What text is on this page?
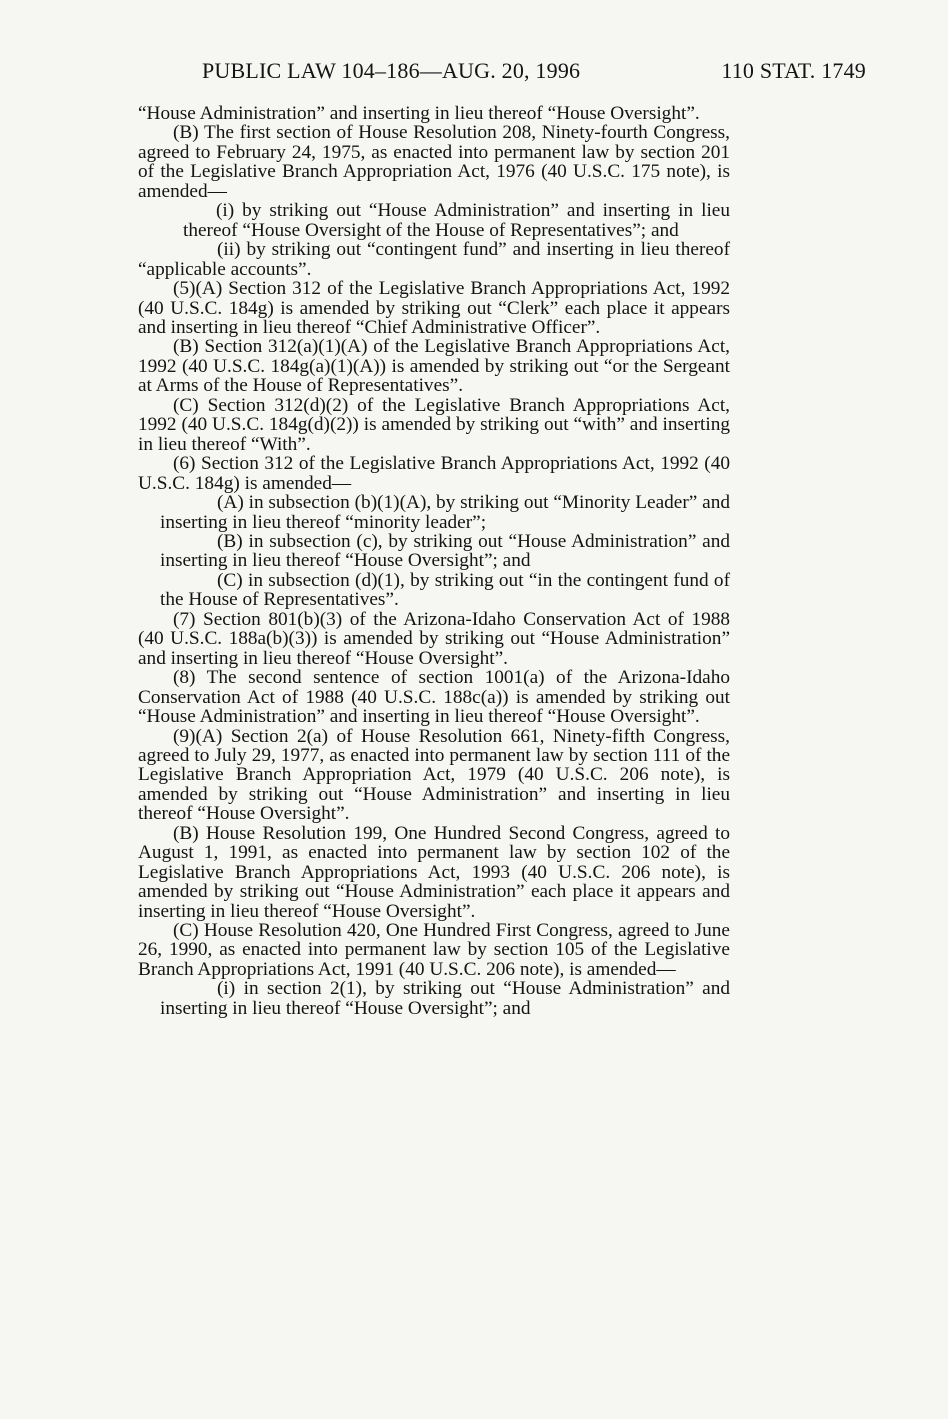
PUBLIC LAW 104–186—AUG. 20, 1996	110 STAT. 1749

“House Administration” and inserting in lieu thereof “House Oversight”.

(B) The first section of House Resolution 208, Ninety-fourth Congress, agreed to February 24, 1975, as enacted into permanent law by section 201 of the Legislative Branch Appropriation Act, 1976 (40 U.S.C. 175 note), is amended—

(i) by striking out “House Administration” and inserting in lieu thereof “House Oversight of the House of Representatives”; and

(ii) by striking out “contingent fund” and inserting in lieu thereof “applicable accounts”.

(5)(A) Section 312 of the Legislative Branch Appropriations Act, 1992 (40 U.S.C. 184g) is amended by striking out “Clerk” each place it appears and inserting in lieu thereof “Chief Administrative Officer”.

(B) Section 312(a)(1)(A) of the Legislative Branch Appropriations Act, 1992 (40 U.S.C. 184g(a)(1)(A)) is amended by striking out “or the Sergeant at Arms of the House of Representatives”.

(C) Section 312(d)(2) of the Legislative Branch Appropriations Act, 1992 (40 U.S.C. 184g(d)(2)) is amended by striking out “with” and inserting in lieu thereof “With”.

(6) Section 312 of the Legislative Branch Appropriations Act, 1992 (40 U.S.C. 184g) is amended—

(A) in subsection (b)(1)(A), by striking out “Minority Leader” and inserting in lieu thereof “minority leader”;

(B) in subsection (c), by striking out “House Administration” and inserting in lieu thereof “House Oversight”; and

(C) in subsection (d)(1), by striking out “in the contingent fund of the House of Representatives”.

(7) Section 801(b)(3) of the Arizona-Idaho Conservation Act of 1988 (40 U.S.C. 188a(b)(3)) is amended by striking out “House Administration” and inserting in lieu thereof “House Oversight”.

(8) The second sentence of section 1001(a) of the Arizona-Idaho Conservation Act of 1988 (40 U.S.C. 188c(a)) is amended by striking out “House Administration” and inserting in lieu thereof “House Oversight”.

(9)(A) Section 2(a) of House Resolution 661, Ninety-fifth Congress, agreed to July 29, 1977, as enacted into permanent law by section 111 of the Legislative Branch Appropriation Act, 1979 (40 U.S.C. 206 note), is amended by striking out “House Administration” and inserting in lieu thereof “House Oversight”.

(B) House Resolution 199, One Hundred Second Congress, agreed to August 1, 1991, as enacted into permanent law by section 102 of the Legislative Branch Appropriations Act, 1993 (40 U.S.C. 206 note), is amended by striking out “House Administration” each place it appears and inserting in lieu thereof “House Oversight”.

(C) House Resolution 420, One Hundred First Congress, agreed to June 26, 1990, as enacted into permanent law by section 105 of the Legislative Branch Appropriations Act, 1991 (40 U.S.C. 206 note), is amended—

(i) in section 2(1), by striking out “House Administration” and inserting in lieu thereof “House Oversight”; and
